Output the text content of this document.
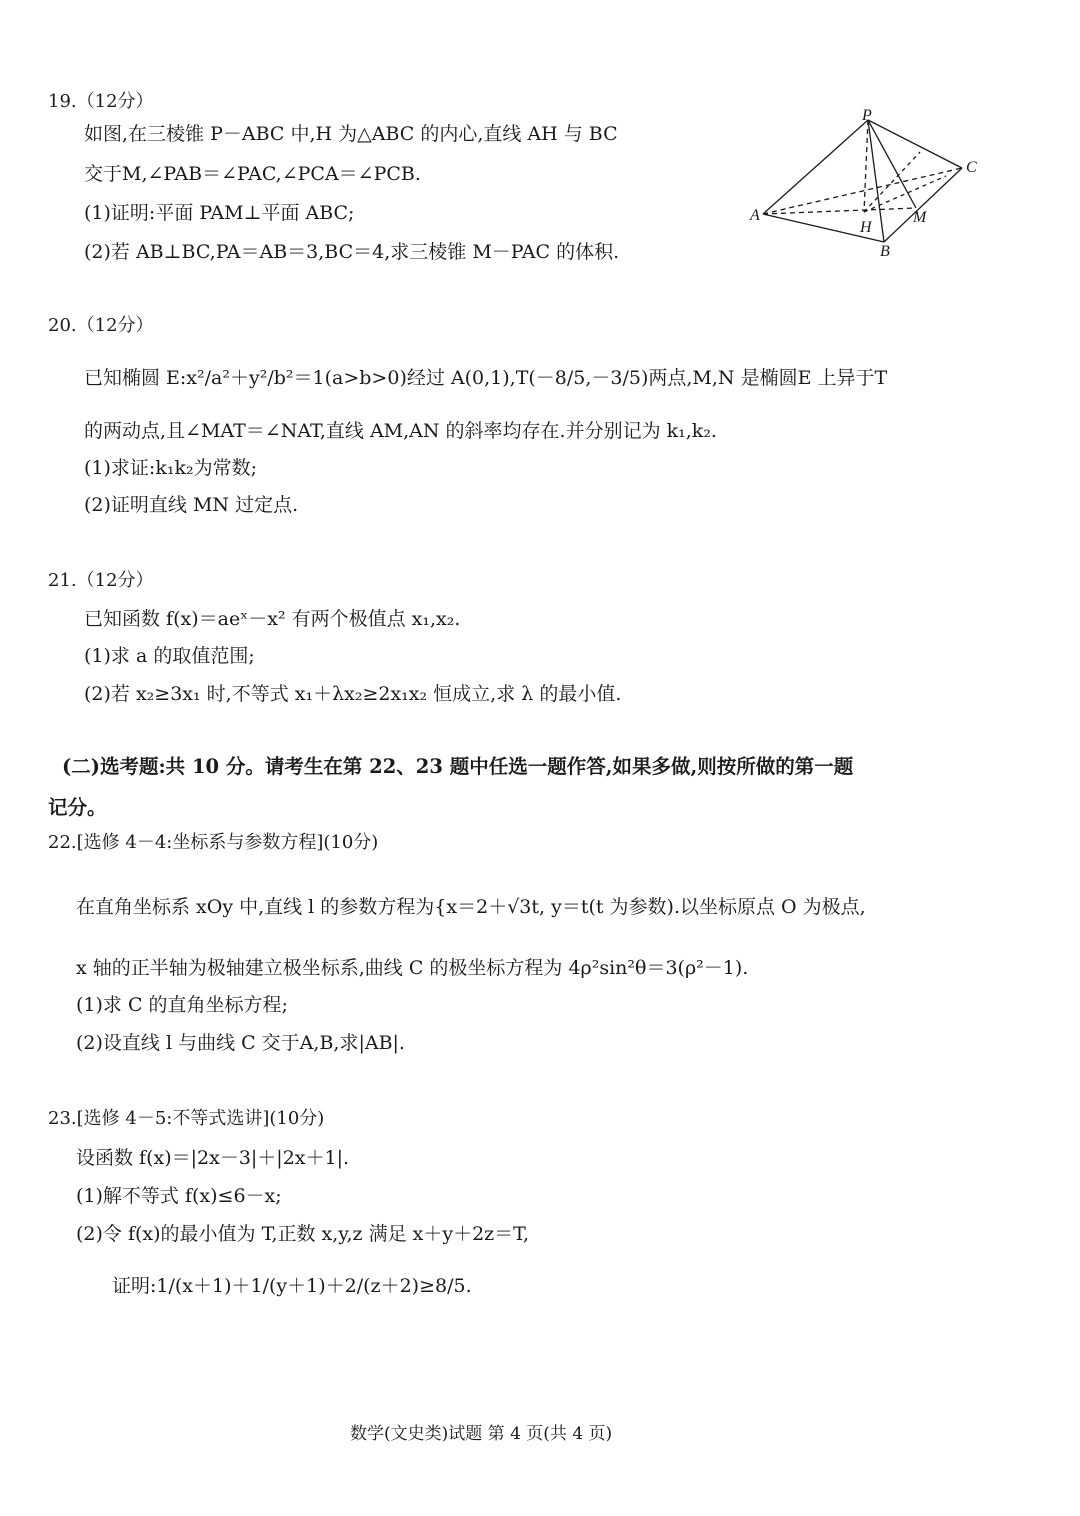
19.（12分）
如图,在三棱锥 P－ABC 中,H 为△ABC 的内心,直线 AH 与 BC
交于M,∠PAB＝∠PAC,∠PCA＝∠PCB.
(1)证明:平面 PAM⊥平面 ABC;
(2)若 AB⊥BC,PA＝AB＝3,BC＝4,求三棱锥 M－PAC 的体积.
P
C
A
H
M
B
20.（12分）
已知椭圆 E:x²/a²＋y²/b²＝1(a>b>0)经过 A(0,1),T(－8/5,－3/5)两点,M,N 是椭圆E 上异于T
的两动点,且∠MAT＝∠NAT,直线 AM,AN 的斜率均存在.并分别记为 k₁,k₂.
(1)求证:k₁k₂为常数;
(2)证明直线 MN 过定点.
21.（12分）
已知函数 f(x)＝aeˣ－x² 有两个极值点 x₁,x₂.
(1)求 a 的取值范围;
(2)若 x₂≥3x₁ 时,不等式 x₁＋λx₂≥2x₁x₂ 恒成立,求 λ 的最小值.
(二)选考题:共 10 分。请考生在第 22、23 题中任选一题作答,如果多做,则按所做的第一题
记分。
22.[选修 4－4:坐标系与参数方程](10分)
在直角坐标系 xOy 中,直线 l 的参数方程为{x＝2＋√3t, y＝t(t 为参数).以坐标原点 O 为极点,
x 轴的正半轴为极轴建立极坐标系,曲线 C 的极坐标方程为 4ρ²sin²θ＝3(ρ²－1).
(1)求 C 的直角坐标方程;
(2)设直线 l 与曲线 C 交于A,B,求|AB|.
23.[选修 4－5:不等式选讲](10分)
设函数 f(x)＝|2x－3|＋|2x＋1|.
(1)解不等式 f(x)≤6－x;
(2)令 f(x)的最小值为 T,正数 x,y,z 满足 x＋y＋2z＝T,
证明:1/(x＋1)＋1/(y＋1)＋2/(z＋2)≥8/5.
数学(文史类)试题 第 4 页(共 4 页)
